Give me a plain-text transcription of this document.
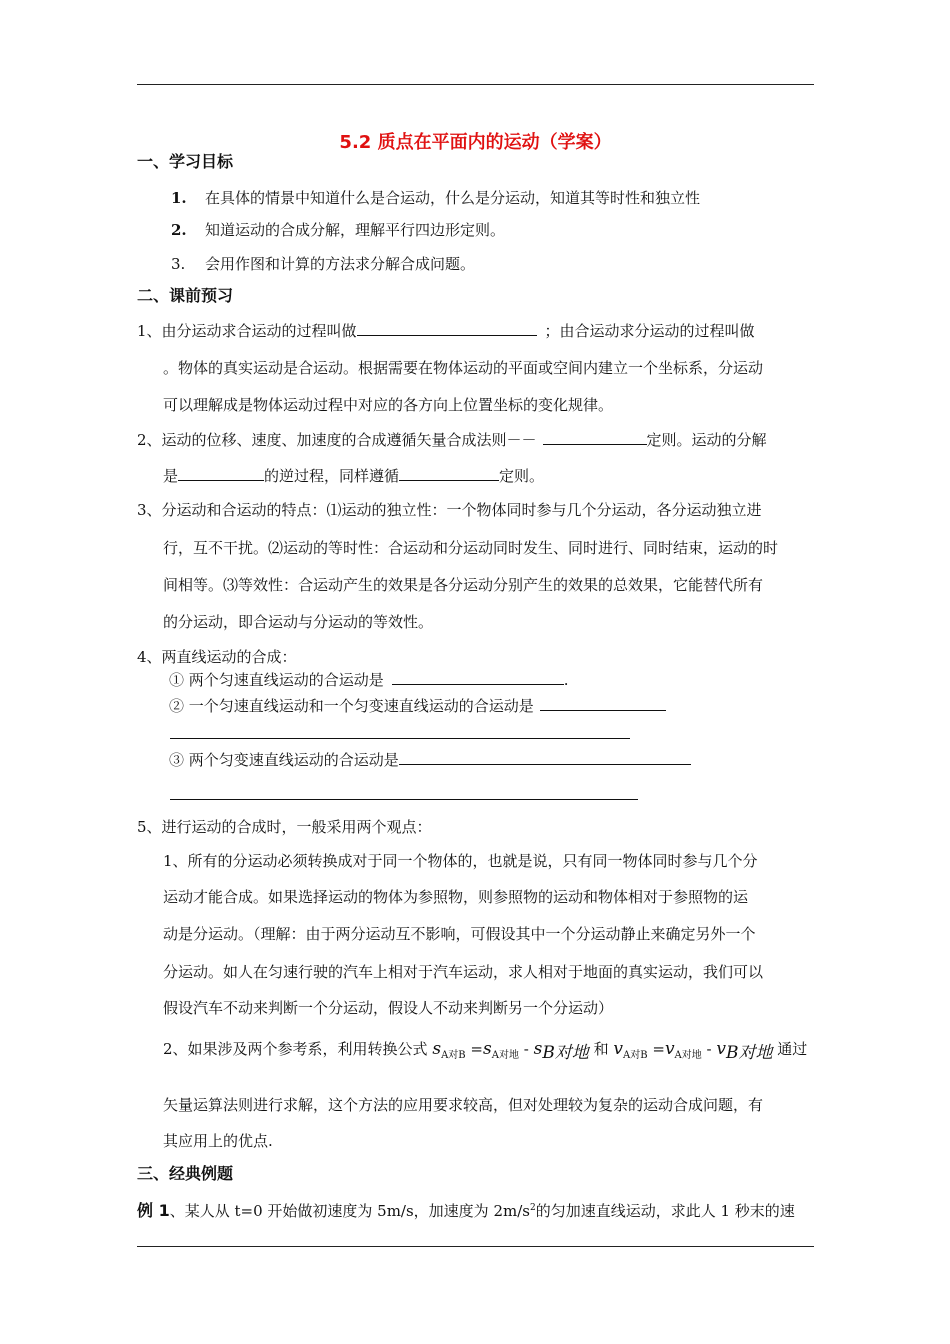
5.2 质点在平面内的运动（学案）
一、学习目标
1. 在具体的情景中知道什么是合运动，什么是分运动，知道其等时性和独立性
2. 知道运动的合成分解，理解平行四边形定则。
3. 会用作图和计算的方法求分解合成问题。
二、课前预习
1、由分运动求合运动的过程叫做	；由合运动求分运动的过程叫做
。物体的真实运动是合运动。根据需要在物体运动的平面或空间内建立一个坐标系，分运动
可以理解成是物体运动过程中对应的各方向上位置坐标的变化规律。
2、运动的位移、速度、加速度的合成遵循矢量合成法则－－	定则。运动的分解
是	的逆过程，同样遵循	定则。
3、分运动和合运动的特点：⑴运动的独立性：一个物体同时参与几个分运动，各分运动独立进
行，互不干扰。⑵运动的等时性：合运动和分运动同时发生、同时进行、同时结束，运动的时
间相等。⑶等效性：合运动产生的效果是各分运动分别产生的效果的总效果，它能替代所有
的分运动，即合运动与分运动的等效性。
4、两直线运动的合成：
① 两个匀速直线运动的合运动是	.
② 一个匀速直线运动和一个匀变速直线运动的合运动是
③ 两个匀变速直线运动的合运动是
5、进行运动的合成时，一般采用两个观点：
1、所有的分运动必须转换成对于同一个物体的，也就是说，只有同一物体同时参与几个分
运动才能合成。如果选择运动的物体为参照物，则参照物的运动和物体相对于参照物的运
动是分运动。（理解：由于两分运动互不影响，可假设其中一个分运动静止来确定另外一个
分运动。如人在匀速行驶的汽车上相对于汽车运动，求人相对于地面的真实运动，我们可以
假设汽车不动来判断一个分运动，假设人不动来判断另一个分运动）
2、如果涉及两个参考系，利用转换公式 $s_{A对B} =s_{A对地} - s_{B对地}$ 和 $v_{A对B} =v_{A对地} - v_{B对地}$ 通过
矢量运算法则进行求解，这个方法的应用要求较高，但对处理较为复杂的运动合成问题，有
其应用上的优点.
三、经典例题
例 1、某人从 t=0 开始做初速度为 5m/s，加速度为 $2m/s^2$的匀加速直线运动，求此人 1 秒末的速
